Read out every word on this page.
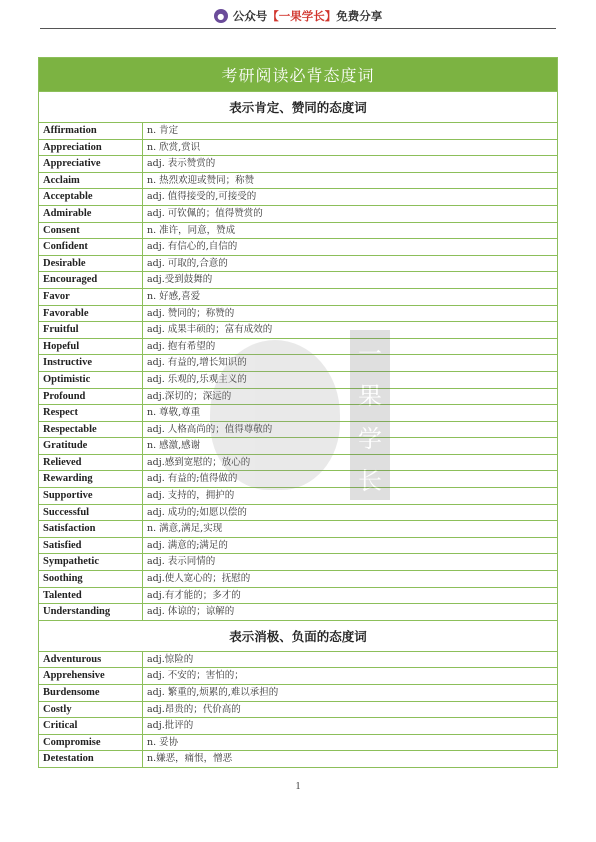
● 公众号 【一果学长】 免费分享
考研阅读必背态度词
表示肯定、赞同的态度词
Affirmation	n. 肯定
Appreciation	n. 欣赏,赏识
Appreciative	adj. 表示赞赏的
Acclaim	n. 热烈欢迎或赞同；称赞
Acceptable	adj. 值得接受的,可接受的
Admirable	adj. 可钦佩的；值得赞赏的
Consent	n. 准许，同意，赞成
Confident	adj. 有信心的,自信的
Desirable	adj. 可取的,合意的
Encouraged	adj.受到鼓舞的
Favor	n. 好感,喜爱
Favorable	adj. 赞同的；称赞的
Fruitful	adj. 成果丰硕的；富有成效的
Hopeful	adj. 抱有希望的
Instructive	adj. 有益的,增长知识的
Optimistic	adj. 乐观的,乐观主义的
Profound	adj.深切的；深远的
Respect	n. 尊敬,尊重
Respectable	adj. 人格高尚的；值得尊敬的
Gratitude	n. 感激,感谢
Relieved	adj.感到宽慰的；放心的
Rewarding	adj. 有益的;值得做的
Supportive	adj. 支持的，拥护的
Successful	adj. 成功的;如愿以偿的
Satisfaction	n. 满意,满足,实现
Satisfied	adj. 满意的;满足的
Sympathetic	adj. 表示同情的
Soothing	adj.使人宽心的；抚慰的
Talented	adj.有才能的；多才的
Understanding	adj. 体谅的；谅解的
表示消极、负面的态度词
Adventurous	adj.惊险的
Apprehensive	adj. 不安的；害怕的；
Burdensome	adj. 繁重的,烦累的,难以承担的
Costly	adj.昂贵的；代价高的
Critical	adj.批评的
Compromise	n. 妥协
Detestation	n.嫌恶，痛恨，憎恶
一
果
学
长
1
